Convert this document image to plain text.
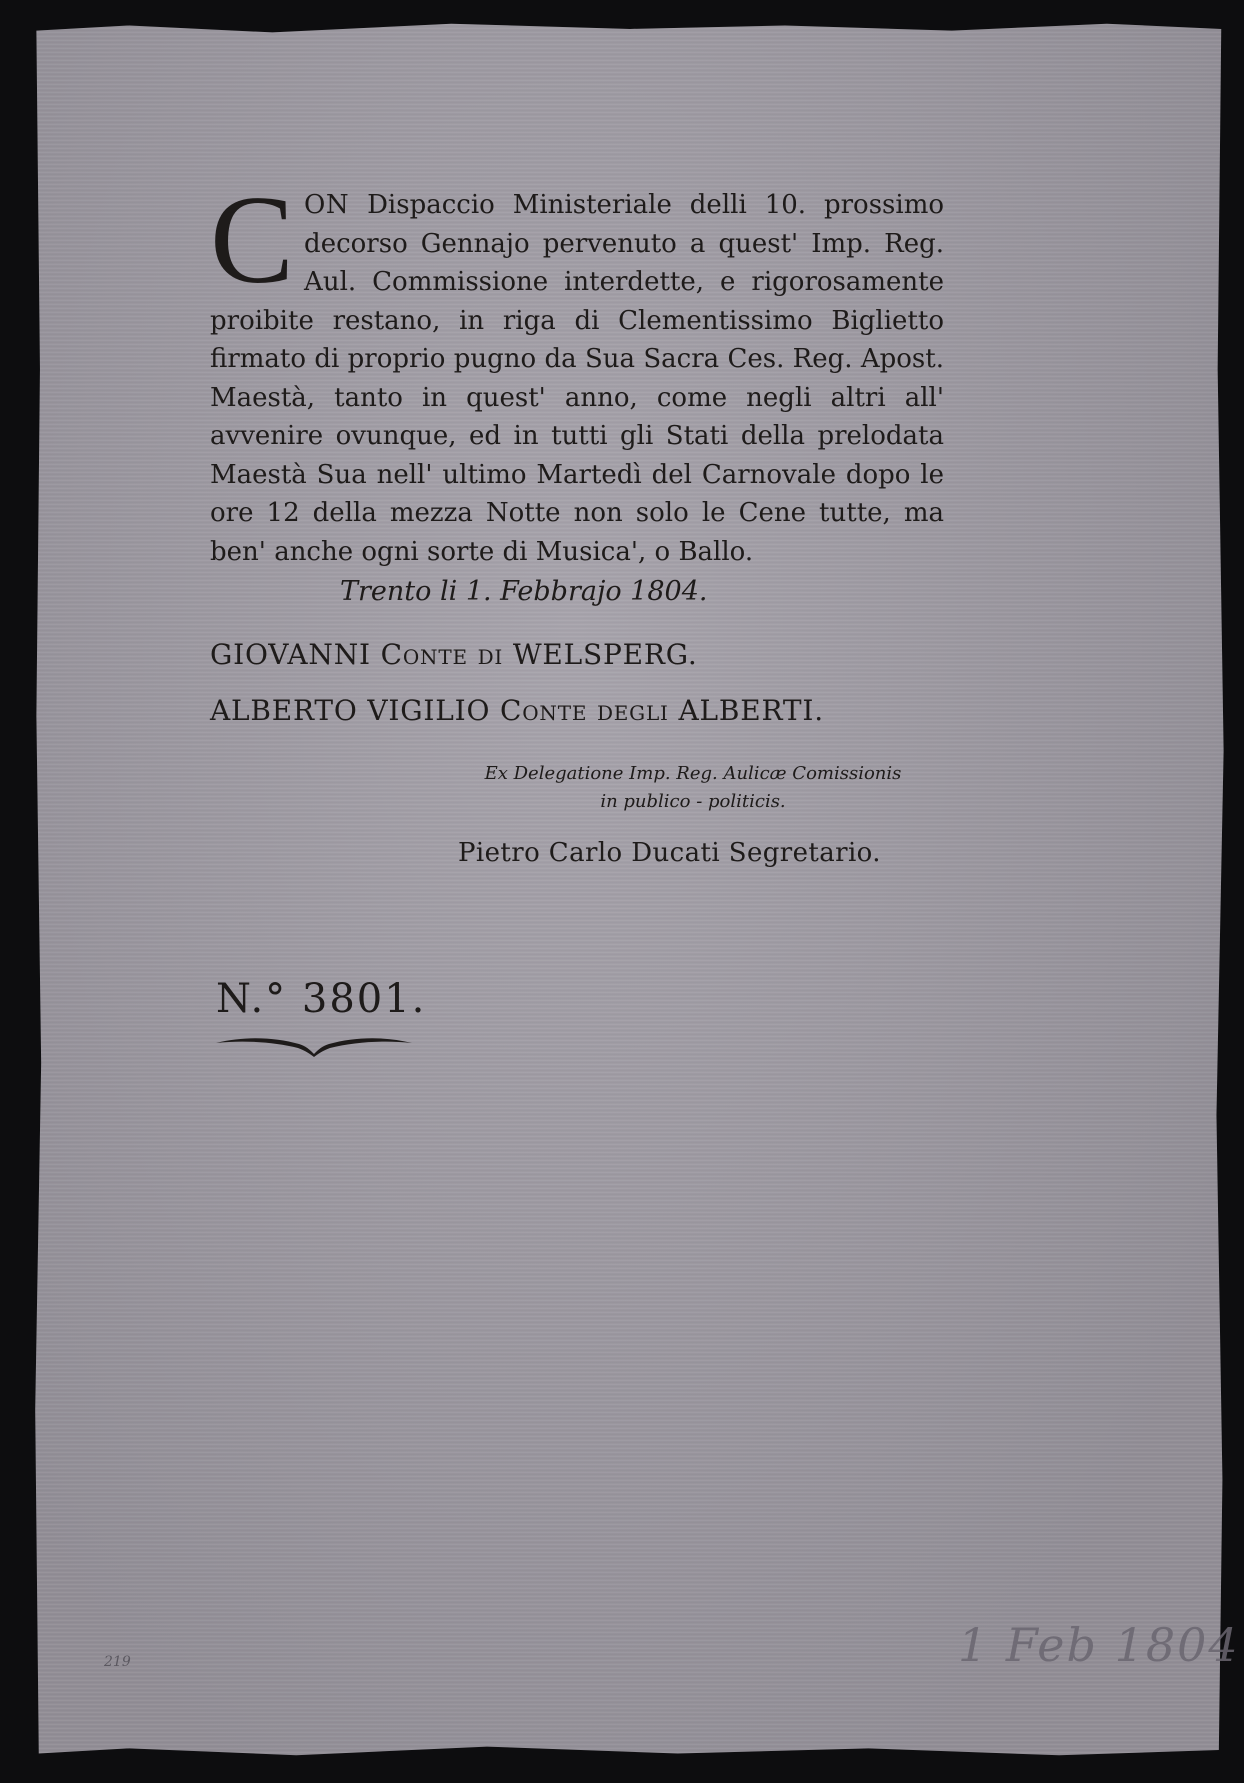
CON Dispaccio Ministeriale delli 10. prossimo decorso Gennajo pervenuto a quest' Imp. Reg. Aul. Commissione interdette, e rigorosamente proibite restano, in riga di Clementissimo Biglietto firmato di proprio pugno da Sua Sacra Ces. Reg. Apost. Maestà, tanto in quest' anno, come negli altri all' avvenire ovunque, ed in tutti gli Stati della prelodata Maestà Sua nell' ultimo Martedì del Carnovale dopo le ore 12 della mezza Notte non solo le Cene tutte, ma ben' anche ogni sorte di Musica', o Ballo.
Trento li 1. Febbrajo 1804.
GIOVANNI Conte di WELSPERG.
ALBERTO VIGILIO Conte degli ALBERTI.
Ex Delegatione Imp. Reg. Aulicæ Comissionis
in publico - politicis.
Pietro Carlo Ducati Segretario.
N.° 3801.
219	1 Feb 1804
